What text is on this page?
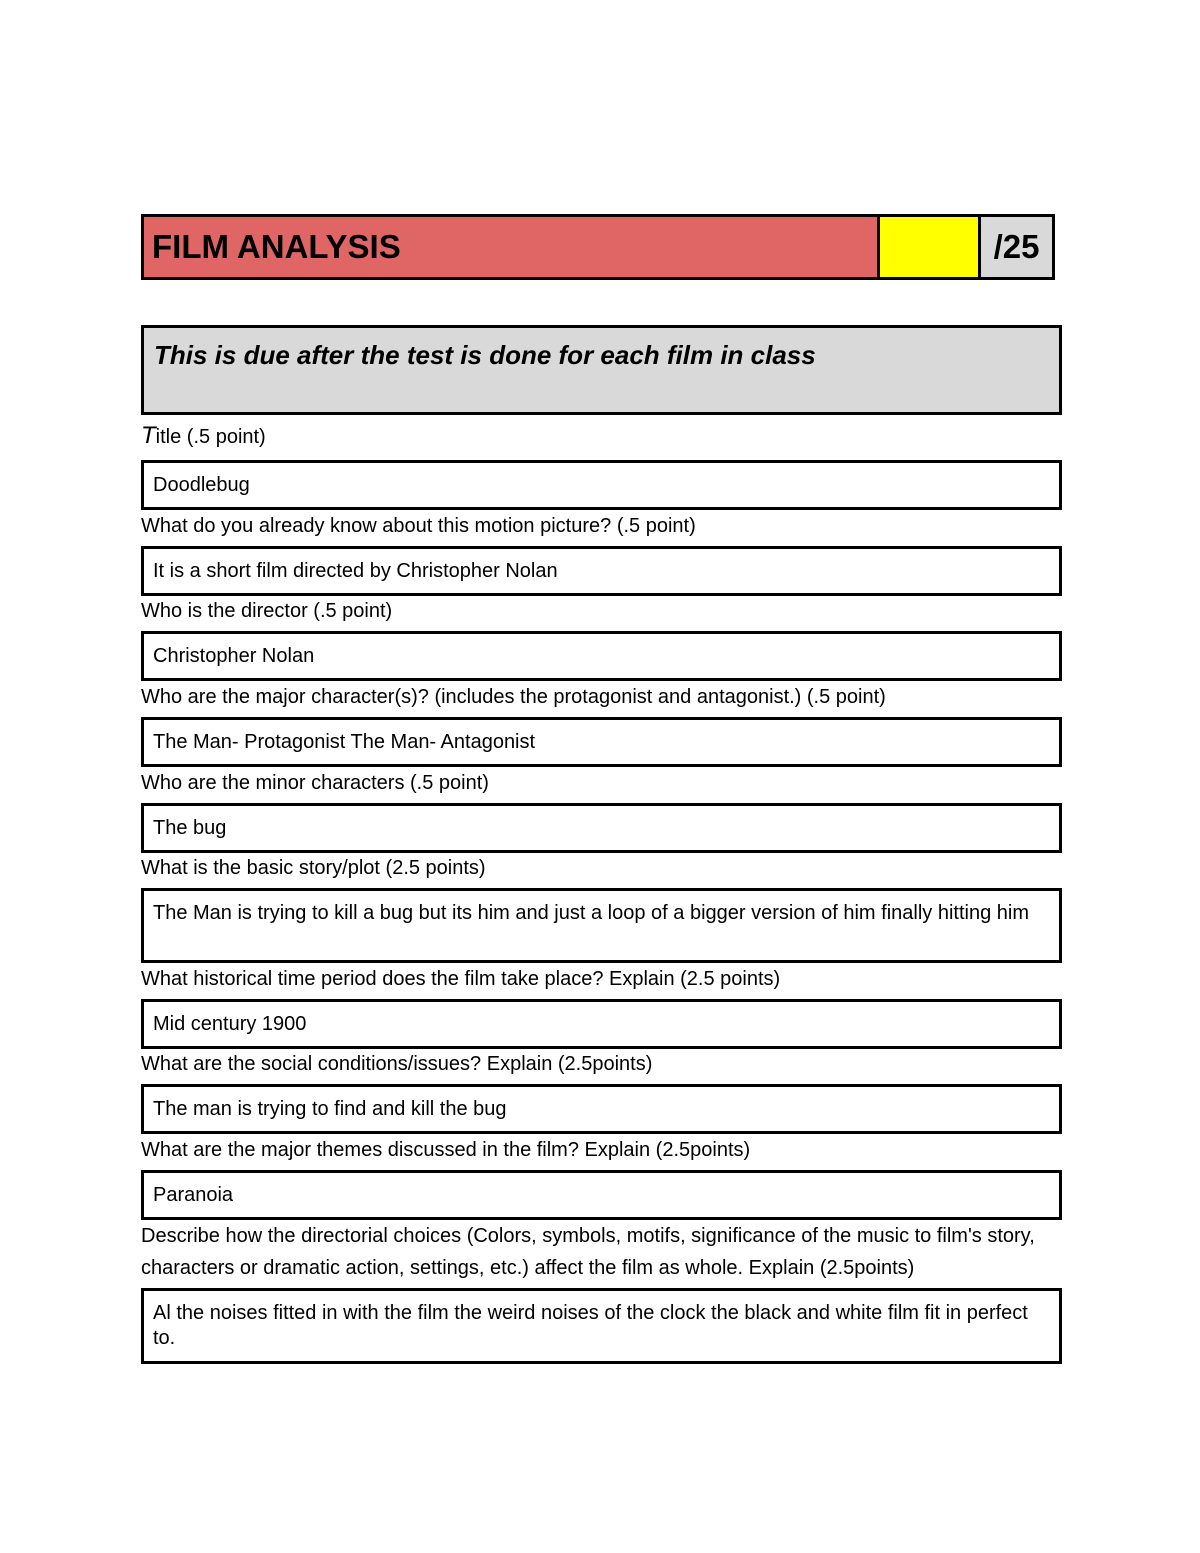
FILM ANALYSIS	/25
This is due after the test is done for each film in class
Title (.5 point)
Doodlebug
What do you already know about this motion picture? (.5 point)
It is a short film directed by Christopher Nolan
Who is the director (.5 point)
Christopher Nolan
Who are the major character(s)? (includes the protagonist and antagonist.) (.5 point)
The Man- Protagonist The Man- Antagonist
Who are the minor characters (.5 point)
The bug
What is the basic story/plot (2.5 points)
The Man is trying to kill a bug but its him and just a loop of a bigger version of him finally hitting him
What historical time period does the film take place? Explain (2.5 points)
Mid century 1900
What are the social conditions/issues? Explain (2.5points)
The man is trying to find and kill the bug
What are the major themes discussed in the film? Explain (2.5points)
Paranoia
Describe how the directorial choices (Colors, symbols, motifs, significance of the music to film's story, characters or dramatic action, settings, etc.) affect the film as whole. Explain (2.5points)
Al the noises fitted in with the film the weird noises of the clock the black and white film fit in perfect to.
